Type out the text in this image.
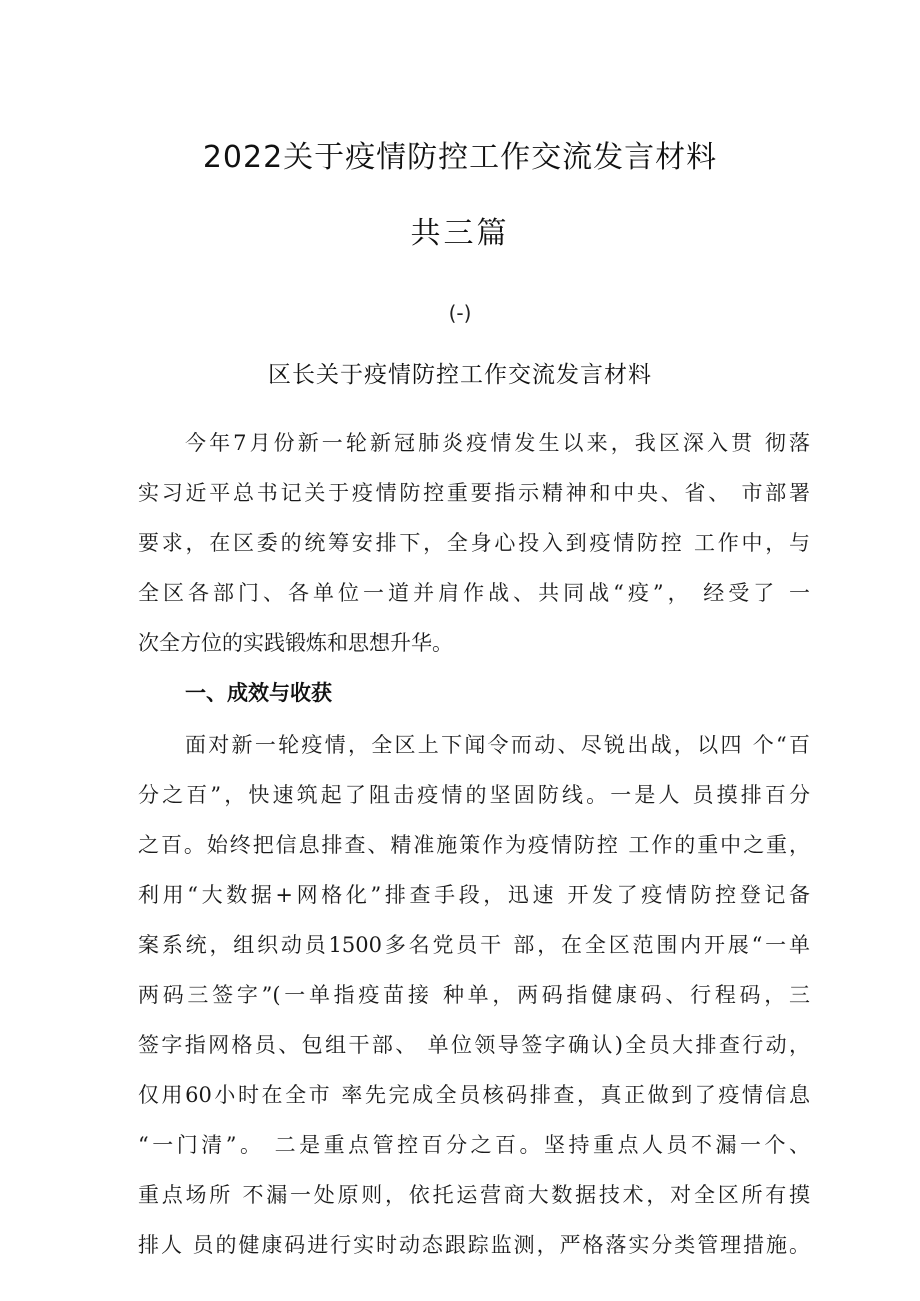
2022关于疫情防控工作交流发言材料
共三篇
(-)
区长关于疫情防控工作交流发言材料
今年7月份新一轮新冠肺炎疫情发生以来，我区深入贯 彻落
实习近平总书记关于疫情防控重要指示精神和中央、省、 市部署
要求，在区委的统筹安排下，全身心投入到疫情防控 工作中，与
全区各部门、各单位一道并肩作战、共同战“疫”， 经受了 一
次全方位的实践锻炼和思想升华。
一、成效与收获
面对新一轮疫情，全区上下闻令而动、尽锐出战，以四 个“百
分之百”，快速筑起了阻击疫情的坚固防线。一是人 员摸排百分
之百。始终把信息排查、精准施策作为疫情防控 工作的重中之重，
利用“大数据+网格化”排查手段，迅速 开发了疫情防控登记备
案系统，组织动员1500多名党员干 部，在全区范围内开展“一单
两码三签字”(一单指疫苗接 种单，两码指健康码、行程码，三
签字指网格员、包组干部、 单位领导签字确认)全员大排查行动，
仅用60小时在全市 率先完成全员核码排查，真正做到了疫情信息
“一门清”。 二是重点管控百分之百。坚持重点人员不漏一个、
重点场所 不漏一处原则，依托运营商大数据技术，对全区所有摸
排人 员的健康码进行实时动态跟踪监测，严格落实分类管理措施。
